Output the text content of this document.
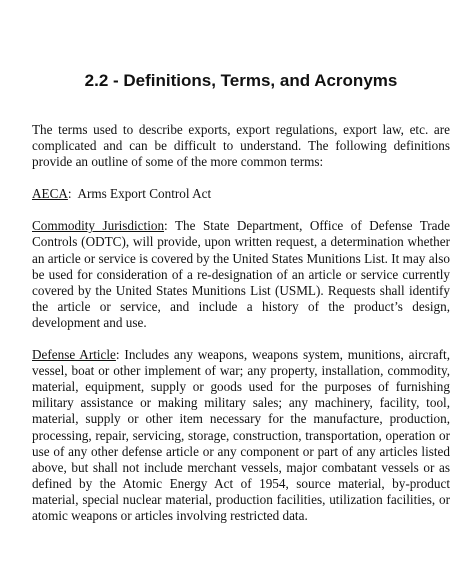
2.2 - Definitions, Terms, and Acronyms

The terms used to describe exports, export regulations, export law, etc. are complicated and can be difficult to understand. The following definitions provide an outline of some of the more common terms:

AECA:  Arms Export Control Act

Commodity Jurisdiction: The State Department, Office of Defense Trade Controls (ODTC), will provide, upon written request, a determination whether an article or service is covered by the United States Munitions List. It may also be used for consideration of a re-designation of an article or service currently covered by the United States Munitions List (USML). Requests shall identify the article or service, and include a history of the product’s design, development and use.

Defense Article: Includes any weapons, weapons system, munitions, aircraft, vessel, boat or other implement of war; any property, installation, commodity, material, equipment, supply or goods used for the purposes of furnishing military assistance or making military sales; any machinery, facility, tool, material, supply or other item necessary for the manufacture, production, processing, repair, servicing, storage, construction, transportation, operation or use of any other defense article or any component or part of any articles listed above, but shall not include merchant vessels, major combatant vessels or as defined by the Atomic Energy Act of 1954, source material, by-product material, special nuclear material, production facilities, utilization facilities, or atomic weapons or articles involving restricted data.
